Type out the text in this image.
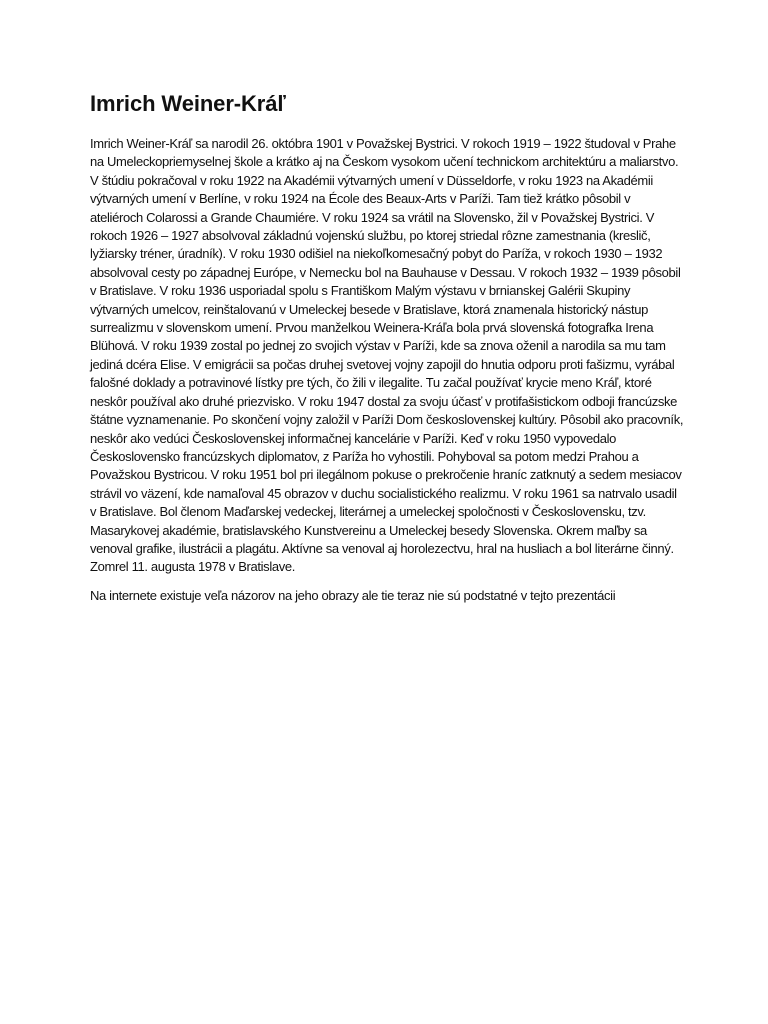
Imrich Weiner-Kráľ

Imrich Weiner-Kráľ sa narodil 26. októbra 1901 v Považskej Bystrici. V rokoch 1919 – 1922 študoval v Prahe na Umeleckopriemyselnej škole a krátko aj na Českom vysokom učení technickom architektúru a maliarstvo. V štúdiu pokračoval v roku 1922 na Akadémii výtvarných umení v Düsseldorfe, v roku 1923 na Akadémii výtvarných umení v Berlíne, v roku 1924 na École des Beaux-Arts v Paríži. Tam tiež krátko pôsobil v ateliéroch Colarossi a Grande Chaumiére. V roku 1924 sa vrátil na Slovensko, žil v Považskej Bystrici. V rokoch 1926 – 1927 absolvoval základnú vojenskú službu, po ktorej striedal rôzne zamestnania (kreslič, lyžiarsky tréner, úradník). V roku 1930 odišiel na niekoľkomesačný pobyt do Paríža, v rokoch 1930 – 1932 absolvoval cesty po západnej Európe, v Nemecku bol na Bauhause v Dessau. V rokoch 1932 – 1939 pôsobil v Bratislave. V roku 1936 usporiadal spolu s Františkom Malým výstavu v brnianskej Galérii Skupiny výtvarných umelcov, reinštalovanú v Umeleckej besede v Bratislave, ktorá znamenala historický nástup surrealizmu v slovenskom umení. Prvou manželkou Weinera-Kráľa bola prvá slovenská fotografka Irena Blühová. V roku 1939 zostal po jednej zo svojich výstav v Paríži, kde sa znova oženil a narodila sa mu tam jediná dcéra Elise. V emigrácii sa počas druhej svetovej vojny zapojil do hnutia odporu proti fašizmu, vyrábal falošné doklady a potravinové lístky pre tých, čo žili v ilegalite. Tu začal používať krycie meno Kráľ, ktoré neskôr používal ako druhé priezvisko. V roku 1947 dostal za svoju účasť v protifašistickom odboji francúzske štátne vyznamenanie. Po skončení vojny založil v Paríži Dom československej kultúry. Pôsobil ako pracovník, neskôr ako vedúci Československej informačnej kancelárie v Paríži. Keď v roku 1950 vypovedalo Československo francúzskych diplomatov, z Paríža ho vyhostili. Pohyboval sa potom medzi Prahou a Považskou Bystricou. V roku 1951 bol pri ilegálnom pokuse o prekročenie hraníc zatknutý a sedem mesiacov strávil vo väzení, kde namaľoval 45 obrazov v duchu socialistického realizmu. V roku 1961 sa natrvalo usadil v Bratislave. Bol členom Maďarskej vedeckej, literárnej a umeleckej spoločnosti v Československu, tzv. Masarykovej akadémie, bratislavského Kunstvereinu a Umeleckej besedy Slovenska. Okrem maľby sa venoval grafike, ilustrácii a plagátu. Aktívne sa venoval aj horolezectvu, hral na husliach a bol literárne činný. Zomrel 11. augusta 1978 v Bratislave.

Na internete existuje veľa názorov na jeho obrazy ale tie teraz nie sú podstatné v tejto prezentácii
